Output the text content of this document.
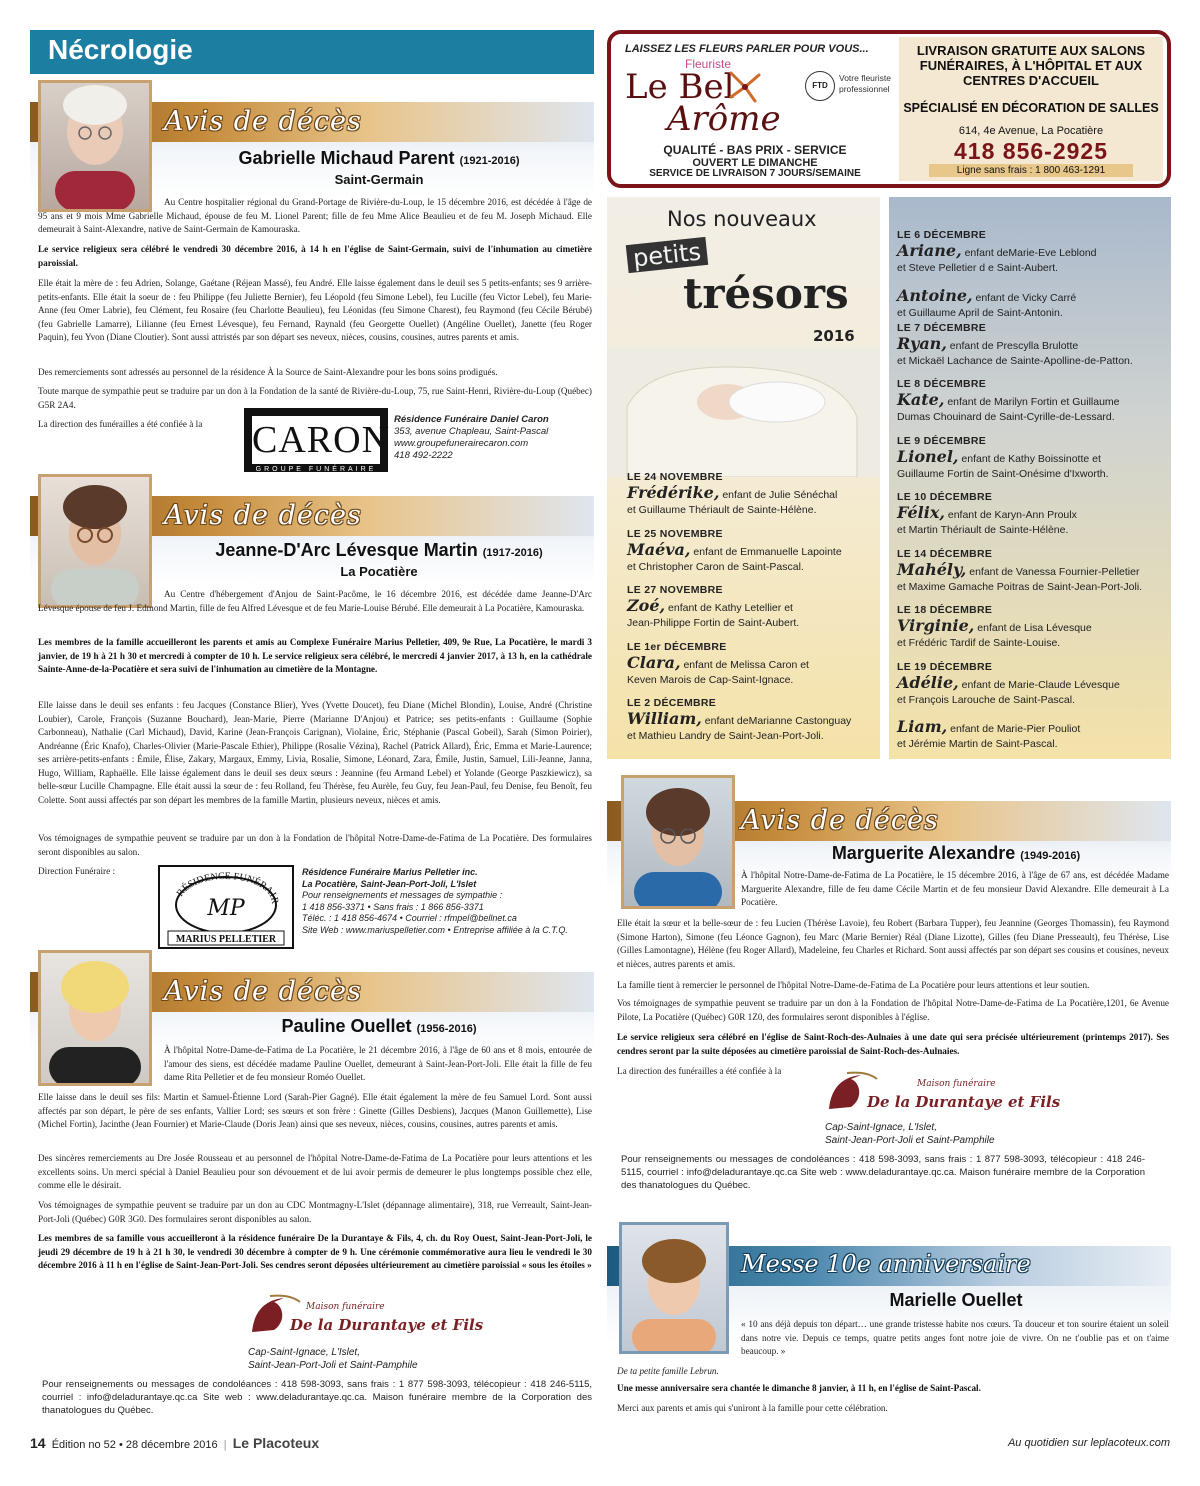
Nécrologie
Avis de décès
Gabrielle Michaud Parent (1921-2016)
Saint-Germain
Au Centre hospitalier régional du Grand-Portage de Rivière-du-Loup, le 15 décembre 2016, est décédée à l'âge de 95 ans et 9 mois Mme Gabrielle Michaud, épouse de feu M. Lionel Parent; fille de feu Mme Alice Beaulieu et de feu M. Joseph Michaud. Elle demeurait à Saint-Alexandre, native de Saint-Germain de Kamouraska.
Le service religieux sera célébré le vendredi 30 décembre 2016, à 14 h en l'église de Saint-Germain, suivi de l'inhumation au cimetière paroissial.
Elle était la mère de : feu Adrien, Solange, Gaétane (Réjean Massé), feu André. Elle laisse également dans le deuil ses 5 petits-enfants; ses 9 arrière-petits-enfants. Elle était la soeur de : feu Philippe (feu Juliette Bernier), feu Léopold (feu Simone Lebel), feu Lucille (feu Victor Lebel), feu Marie-Anne (feu Omer Labrie), feu Clément, feu Rosaire (feu Charlotte Beaulieu), feu Léonidas (feu Simone Charest), feu Raymond (feu Cécile Bérubé) (feu Gabrielle Lamarre), Lilianne (feu Ernest Lévesque), feu Fernand, Raynald (feu Georgette Ouellet) (Angéline Ouellet), Janette (feu Roger Paquin), feu Yvon (Diane Cloutier). Sont aussi attristés par son départ ses neveux, nièces, cousins, cousines, autres parents et amis.
Des remerciements sont adressés au personnel de la résidence À la Source de Saint-Alexandre pour les bons soins prodigués.
Toute marque de sympathie peut se traduire par un don à la Fondation de la santé de Rivière-du-Loup, 75, rue Saint-Henri, Rivière-du-Loup (Québec) G5R 2A4.
La direction des funérailles a été confiée à la	CARON
GROUPE FUNÉRAIRE
Résidence Funéraire Daniel Caron
353, avenue Chapleau, Saint-Pascal
www.groupefunerairecaron.com
418 492-2222
Avis de décès
Jeanne-D'Arc Lévesque Martin (1917-2016)
La Pocatière
Au Centre d'hébergement d'Anjou de Saint-Pacôme, le 16 décembre 2016, est décédée dame Jeanne-D'Arc Lévesque épouse de feu J. Edmond Martin, fille de feu Alfred Lévesque et de feu Marie-Louise Bérubé. Elle demeurait à La Pocatière, Kamouraska.
Les membres de la famille accueilleront les parents et amis au Complexe Funéraire Marius Pelletier, 409, 9e Rue, La Pocatière, le mardi 3 janvier, de 19 h à 21 h 30 et mercredi à compter de 10 h. Le service religieux sera célébré, le mercredi 4 janvier 2017, à 13 h, en la cathédrale Sainte-Anne-de-la-Pocatière et sera suivi de l'inhumation au cimetière de la Montagne.
Elle laisse dans le deuil ses enfants : feu Jacques (Constance Blier), Yves (Yvette Doucet), feu Diane (Michel Blondin), Louise, André (Christine Loubier), Carole, François (Suzanne Bouchard), Jean-Marie, Pierre (Marianne D'Anjou) et Patrice; ses petits-enfants : Guillaume (Sophie Carbonneau), Nathalie (Carl Michaud), David, Karine (Jean-François Carignan), Violaine, Éric, Stéphanie (Pascal Gobeil), Sarah (Simon Poirier), Andréanne (Éric Knafo), Charles-Olivier (Marie-Pascale Ethier), Philippe (Rosalie Vézina), Rachel (Patrick Allard), Éric, Emma et Marie-Laurence; ses arrière-petits-enfants : Émile, Élise, Zakary, Margaux, Emmy, Livia, Rosalie, Simone, Léonard, Zara, Émile, Justin, Samuel, Lili-Jeanne, Janna, Hugo, William, Raphaëlle. Elle laisse également dans le deuil ses deux sœurs : Jeannine (feu Armand Lebel) et Yolande (George Paszkiewicz), sa belle-sœur Lucille Champagne. Elle était aussi la sœur de : feu Rolland, feu Thérèse, feu Aurèle, feu Guy, feu Jean-Paul, feu Denise, feu Benoît, feu Colette. Sont aussi affectés par son départ les membres de la famille Martin, plusieurs neveux, nièces et amis.
Vos témoignages de sympathie peuvent se traduire par un don à la Fondation de l'hôpital Notre-Dame-de-Fatima de La Pocatière. Des formulaires seront disponibles au salon.
Direction Funéraire :
RÉSIDENCE FUNÉRAIR
MP
MARIUS PELLETIER
Résidence Funéraire Marius Pelletier inc.
La Pocatière, Saint-Jean-Port-Joli, L'Islet
Pour renseignements et messages de sympathie :
1 418 856-3371 • Sans frais : 1 866 856-3371
Téléc. : 1 418 856-4674 • Courriel : rfmpel@bellnet.ca
Site Web : www.mariuspelletier.com • Entreprise affiliée à la C.T.Q.
Avis de décès
Pauline Ouellet (1956-2016)
À l'hôpital Notre-Dame-de-Fatima de La Pocatière, le 21 décembre 2016, à l'âge de 60 ans et 8 mois, entourée de l'amour des siens, est décédée madame Pauline Ouellet, demeurant à Saint-Jean-Port-Joli. Elle était la fille de feu dame Rita Pelletier et de feu monsieur Roméo Ouellet.
Elle laisse dans le deuil ses fils: Martin et Samuel-Étienne Lord (Sarah-Pier Gagné). Elle était également la mère de feu Samuel Lord. Sont aussi affectés par son départ, le père de ses enfants, Vallier Lord; ses sœurs et son frère : Ginette (Gilles Desbiens), Jacques (Manon Guillemette), Lise (Michel Fortin), Jacinthe (Jean Fournier) et Marie-Claude (Doris Jean) ainsi que ses neveux, nièces, cousins, cousines, autres parents et amis.
Des sincères remerciements au Dre Josée Rousseau et au personnel de l'hôpital Notre-Dame-de-Fatima de La Pocatière pour leurs attentions et les excellents soins. Un merci spécial à Daniel Beaulieu pour son dévouement et de lui avoir permis de demeurer le plus longtemps possible chez elle, comme elle le désirait.
Vos témoignages de sympathie peuvent se traduire par un don au CDC Montmagny-L'Islet (dépannage alimentaire), 318, rue Verreault, Saint-Jean-Port-Joli (Québec) G0R 3G0. Des formulaires seront disponibles au salon.
Les membres de sa famille vous accueilleront à la résidence funéraire De la Durantaye & Fils, 4, ch. du Roy Ouest, Saint-Jean-Port-Joli, le jeudi 29 décembre de 19 h à 21 h 30, le vendredi 30 décembre à compter de 9 h. Une cérémonie commémorative aura lieu le vendredi le 30 décembre 2016 à 11 h en l'église de Saint-Jean-Port-Joli. Ses cendres seront déposées ultérieurement au cimetière paroissial « sous les étoiles »
Maison funéraire
De la Durantaye et Fils
Cap-Saint-Ignace, L'Islet,
Saint-Jean-Port-Joli et Saint-Pamphile
Pour renseignements ou messages de condoléances : 418 598-3093, sans frais : 1 877 598-3093, télécopieur : 418 246-5115, courriel : info@deladurantaye.qc.ca Site web : www.deladurantaye.qc.ca. Maison funéraire membre de la Corporation des thanatologues du Québec.
LAISSEZ LES FLEURS PARLER POUR VOUS...
Fleuriste
Le Bel
Arôme
FTD
Votre fleuriste professionnel
QUALITÉ - BAS PRIX - SERVICE
OUVERT LE DIMANCHE
SERVICE DE LIVRAISON 7 JOURS/SEMAINE
LIVRAISON GRATUITE AUX SALONS FUNÉRAIRES, À L'HÔPITAL ET AUX CENTRES D'ACCUEIL
SPÉCIALISÉ EN DÉCORATION DE SALLES
614, 4e Avenue, La Pocatière
418 856-2925
Ligne sans frais : 1 800 463-1291
Nos nouveaux
petits
trésors
2016
LE 24 NOVEMBRE
Frédérike, enfant de Julie Sénéchal
et Guillaume Thériault de Sainte-Hélène.
LE 25 NOVEMBRE
Maéva, enfant de Emmanuelle Lapointe
et Christopher Caron de Saint-Pascal.
LE 27 NOVEMBRE
Zoé, enfant de Kathy Letellier et
Jean-Philippe Fortin de Saint-Aubert.
LE 1er DÉCEMBRE
Clara, enfant de Melissa Caron et
Keven Marois de Cap-Saint-Ignace.
LE 2 DÉCEMBRE
William, enfant deMarianne Castonguay
et Mathieu Landry de Saint-Jean-Port-Joli.
LE 6 DÉCEMBRE
Ariane, enfant deMarie-Eve Leblond
et Steve Pelletier d e Saint-Aubert.
Antoine, enfant de Vicky Carré
et Guillaume April de Saint-Antonin.
LE 7 DÉCEMBRE
Ryan, enfant de Prescylla Brulotte
et Mickaël Lachance de Sainte-Apolline-de-Patton.
LE 8 DÉCEMBRE
Kate, enfant de Marilyn Fortin et Guillaume
Dumas Chouinard de Saint-Cyrille-de-Lessard.
LE 9 DÉCEMBRE
Lionel, enfant de Kathy Boissinotte et
Guillaume Fortin de Saint-Onésime d'Ixworth.
LE 10 DÉCEMBRE
Félix, enfant de Karyn-Ann Proulx
et Martin Thériault de Sainte-Hélène.
LE 14 DÉCEMBRE
Mahély, enfant de Vanessa Fournier-Pelletier
et Maxime Gamache Poitras de Saint-Jean-Port-Joli.
LE 18 DÉCEMBRE
Virginie, enfant de Lisa Lévesque
et Frédéric Tardif de Sainte-Louise.
LE 19 DÉCEMBRE
Adélie, enfant de Marie-Claude Lévesque
et François Larouche de Saint-Pascal.
Liam, enfant de Marie-Pier Pouliot
et Jérémie Martin de Saint-Pascal.
Avis de décès
Marguerite Alexandre (1949-2016)
À l'hôpital Notre-Dame-de-Fatima de La Pocatière, le 15 décembre 2016, à l'âge de 67 ans, est décédée Madame Marguerite Alexandre, fille de feu dame Cécile Martin et de feu monsieur David Alexandre. Elle demeurait à La Pocatière.
Elle était la sœur et la belle-sœur de : feu Lucien (Thérèse Lavoie), feu Robert (Barbara Tupper), feu Jeannine (Georges Thomassin), feu Raymond (Simone Harton), Simone (feu Léonce Gagnon), feu Marc (Marie Bernier) Réal (Diane Lizotte), Gilles (feu Diane Presseault), feu Thérèse, Lise (Gilles Lamontagne), Hélène (feu Roger Allard), Madeleine, feu Charles et Richard. Sont aussi affectés par son départ ses cousins et cousines, neveux et nièces, autres parents et amis.
La famille tient à remercier le personnel de l'hôpital Notre-Dame-de-Fatima de La Pocatière pour leurs attentions et leur soutien.
Vos témoignages de sympathie peuvent se traduire par un don à la Fondation de l'hôpital Notre-Dame-de-Fatima de La Pocatière,1201, 6e Avenue Pilote, La Pocatière (Québec) G0R 1Z0, des formulaires seront disponibles à l'église.
Le service religieux sera célébré en l'église de Saint-Roch-des-Aulnaies à une date qui sera précisée ultérieurement (printemps 2017). Ses cendres seront par la suite déposées au cimetière paroissial de Saint-Roch-des-Aulnaies.
La direction des funérailles a été confiée à la
Maison funéraire
De la Durantaye et Fils
Cap-Saint-Ignace, L'Islet,
Saint-Jean-Port-Joli et Saint-Pamphile
Pour renseignements ou messages de condoléances : 418 598-3093, sans frais : 1 877 598-3093, télécopieur : 418 246-5115, courriel : info@deladurantaye.qc.ca Site web : www.deladurantaye.qc.ca. Maison funéraire membre de la Corporation des thanatologues du Québec.
Messe 10e anniversaire
Marielle Ouellet
« 10 ans déjà depuis ton départ… une grande tristesse habite nos cœurs. Ta douceur et ton sourire étaient un soleil dans notre vie. Depuis ce temps, quatre petits anges font notre joie de vivre. On ne t'oublie pas et on t'aime beaucoup. »
De ta petite famille Lebrun.
Une messe anniversaire sera chantée le dimanche 8 janvier, à 11 h, en l'église de Saint-Pascal.
Merci aux parents et amis qui s'uniront à la famille pour cette célébration.
14 Édition no 52 • 28 décembre 2016 | Le Placoteux	Au quotidien sur leplacoteux.com
